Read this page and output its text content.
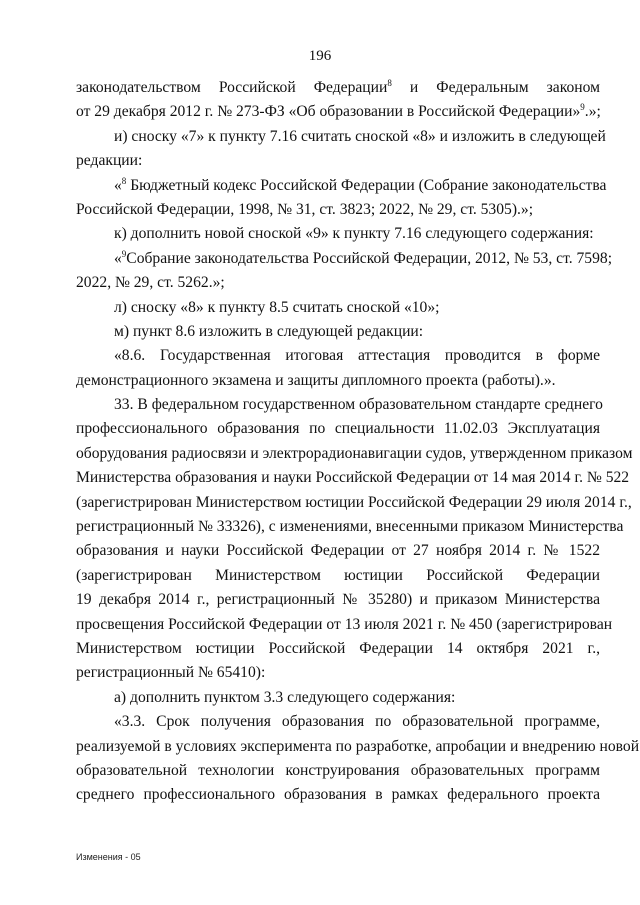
196
законодательством Российской Федерации$^8$ и Федеральным законом
от 29 декабря 2012 г. № 273-ФЗ «Об образовании в Российской Федерации»$^9$.»;
и) сноску «7» к пункту 7.16 считать сноской «8» и изложить в следующей
редакции:
«$^8$ Бюджетный кодекс Российской Федерации (Собрание законодательства
Российской Федерации, 1998, № 31, ст. 3823; 2022, № 29, ст. 5305).»;
к) дополнить новой сноской «9» к пункту 7.16 следующего содержания:
«$^9$Собрание законодательства Российской Федерации, 2012, № 53, ст. 7598;
2022, № 29, ст. 5262.»;
л) сноску «8» к пункту 8.5 считать сноской «10»;
м) пункт 8.6 изложить в следующей редакции:
«8.6. Государственная итоговая аттестация проводится в форме
демонстрационного экзамена и защиты дипломного проекта (работы).».
33. В федеральном государственном образовательном стандарте среднего
профессионального образования по специальности 11.02.03 Эксплуатация
оборудования радиосвязи и электрорадионавигации судов, утвержденном приказом
Министерства образования и науки Российской Федерации от 14 мая 2014 г. № 522
(зарегистрирован Министерством юстиции Российской Федерации 29 июля 2014 г.,
регистрационный № 33326), с изменениями, внесенными приказом Министерства
образования и науки Российской Федерации от 27 ноября 2014 г. № 1522
(зарегистрирован Министерством юстиции Российской Федерации
19 декабря 2014 г., регистрационный № 35280) и приказом Министерства
просвещения Российской Федерации от 13 июля 2021 г. № 450 (зарегистрирован
Министерством юстиции Российской Федерации 14 октября 2021 г.,
регистрационный № 65410):
а) дополнить пунктом 3.3 следующего содержания:
«3.3. Срок получения образования по образовательной программе,
реализуемой в условиях эксперимента по разработке, апробации и внедрению новой
образовательной технологии конструирования образовательных программ
среднего профессионального образования в рамках федерального проекта
Изменения - 05
